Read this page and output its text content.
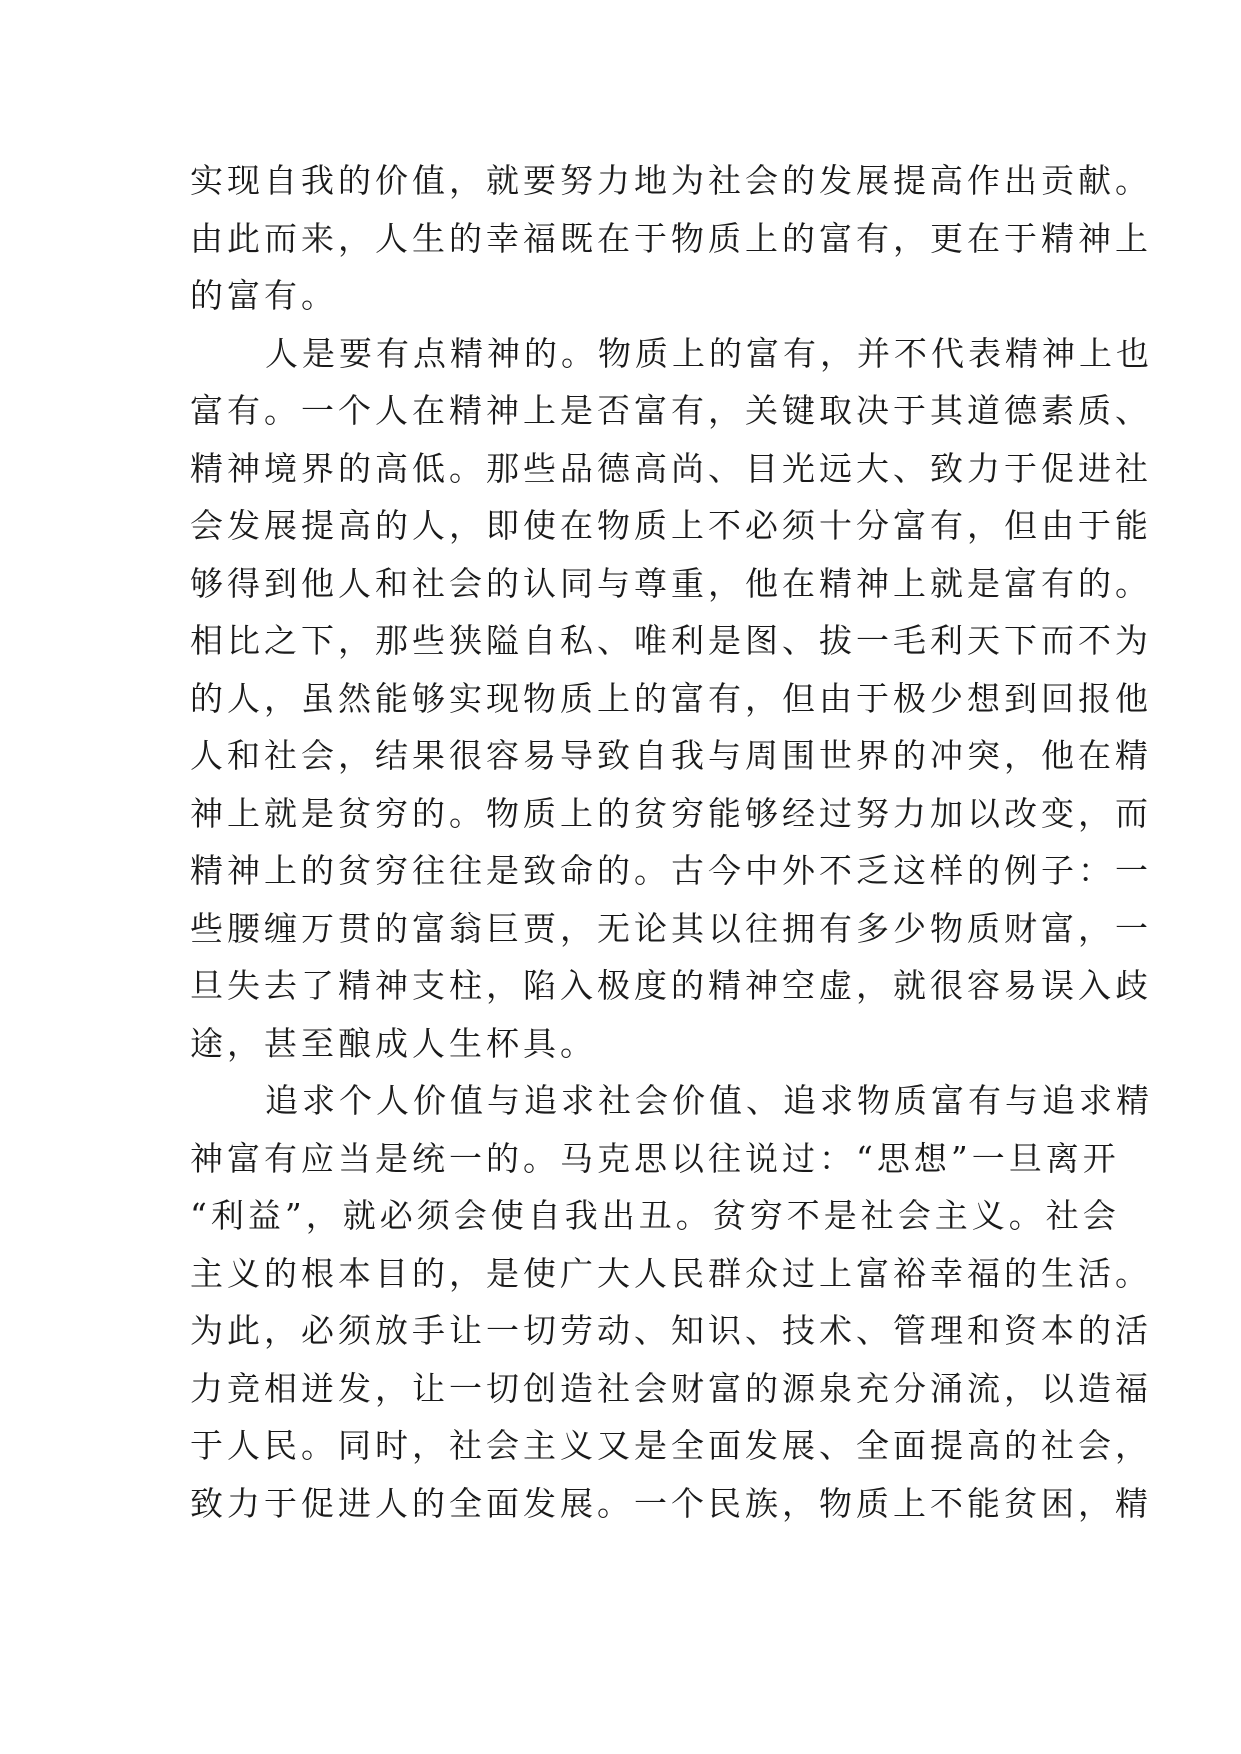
实现自我的价值，就要努力地为社会的发展提高作出贡献。
由此而来，人生的幸福既在于物质上的富有，更在于精神上
的富有。
人是要有点精神的。物质上的富有，并不代表精神上也
富有。一个人在精神上是否富有，关键取决于其道德素质、
精神境界的高低。那些品德高尚、目光远大、致力于促进社
会发展提高的人，即使在物质上不必须十分富有，但由于能
够得到他人和社会的认同与尊重，他在精神上就是富有的。
相比之下，那些狭隘自私、唯利是图、拔一毛利天下而不为
的人，虽然能够实现物质上的富有，但由于极少想到回报他
人和社会，结果很容易导致自我与周围世界的冲突，他在精
神上就是贫穷的。物质上的贫穷能够经过努力加以改变，而
精神上的贫穷往往是致命的。古今中外不乏这样的例子：一
些腰缠万贯的富翁巨贾，无论其以往拥有多少物质财富，一
旦失去了精神支柱，陷入极度的精神空虚，就很容易误入歧
途，甚至酿成人生杯具。
追求个人价值与追求社会价值、追求物质富有与追求精
神富有应当是统一的。马克思以往说过：“思想”一旦离开
“利益”，就必须会使自我出丑。贫穷不是社会主义。社会
主义的根本目的，是使广大人民群众过上富裕幸福的生活。
为此，必须放手让一切劳动、知识、技术、管理和资本的活
力竞相迸发，让一切创造社会财富的源泉充分涌流，以造福
于人民。同时，社会主义又是全面发展、全面提高的社会，
致力于促进人的全面发展。一个民族，物质上不能贫困，精
